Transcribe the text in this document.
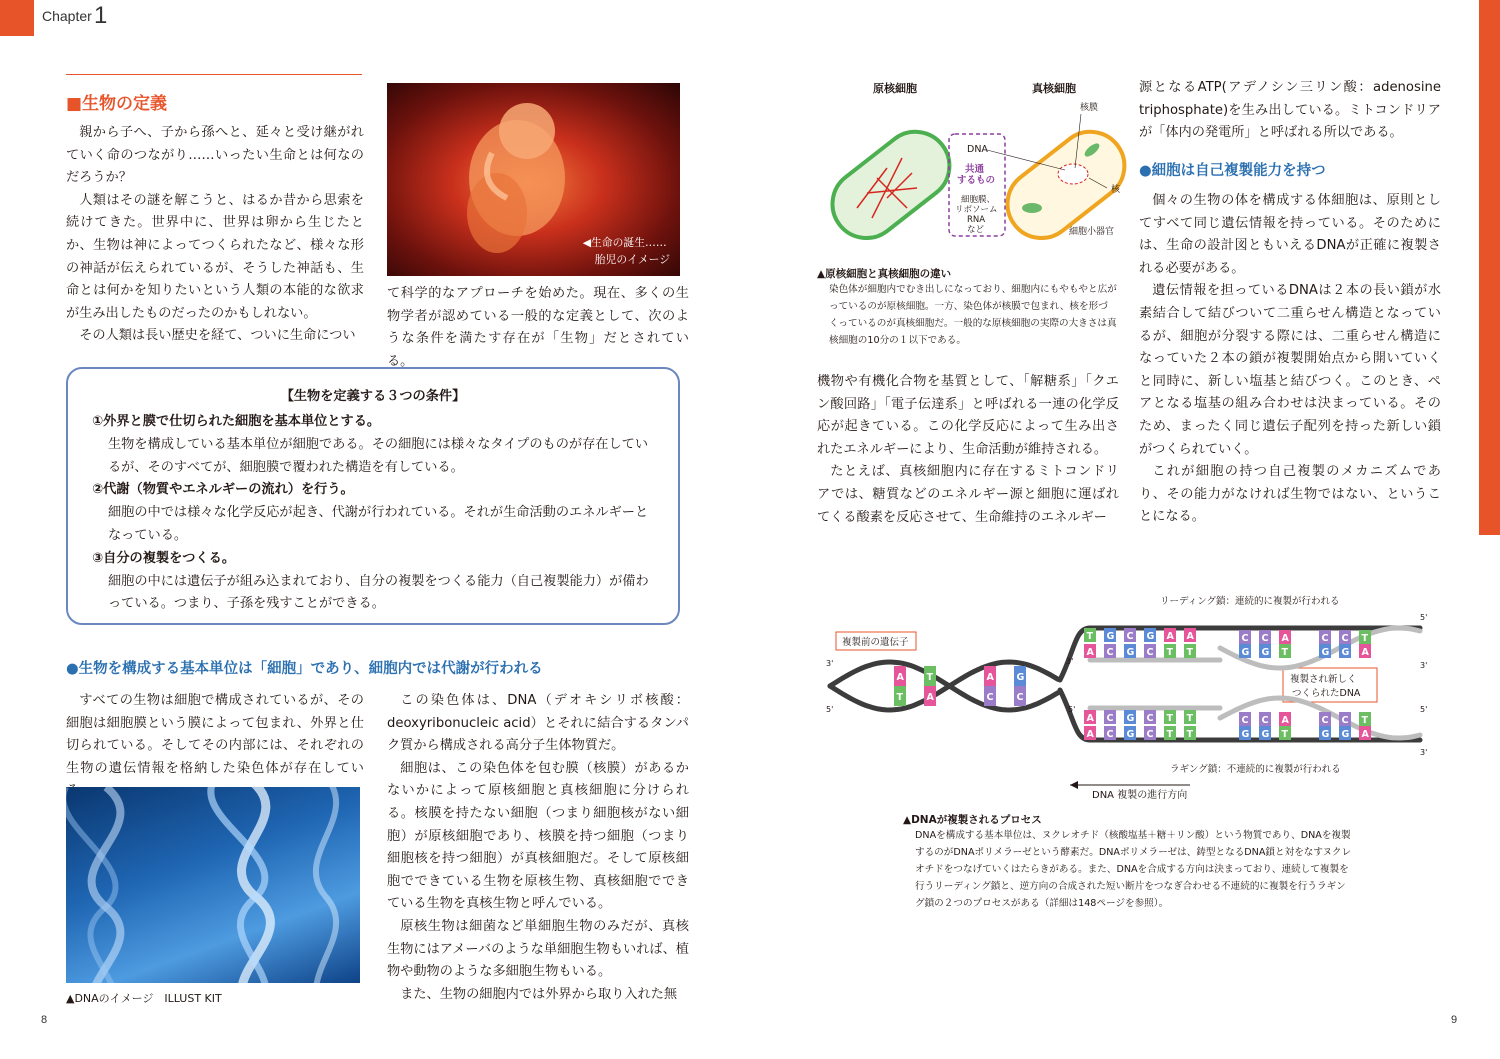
Chapter 1
■生物の定義

親から子へ、子から孫へと、延々と受け継がれていく命のつながり……いったい生命とは何なのだろうか？

人類はその謎を解こうと、はるか昔から思索を続けてきた。世界中に、世界は卵から生じたとか、生物は神によってつくられたなど、様々な形の神話が伝えられているが、そうした神話も、生命とは何かを知りたいという人類の本能的な欲求が生み出したものだったのかもしれない。

その人類は長い歴史を経て、ついに生命につい

◀生命の誕生……
胎児のイメージ

て科学的なアプローチを始めた。現在、多くの生物学者が認めている一般的な定義として、次のような条件を満たす存在が「生物」だとされている。

【生物を定義する３つの条件】
①外界と膜で仕切られた細胞を基本単位とする。
生物を構成している基本単位が細胞である。その細胞には様々なタイプのものが存在しているが、そのすべてが、細胞膜で覆われた構造を有している。
②代謝（物質やエネルギーの流れ）を行う。
細胞の中では様々な化学反応が起き、代謝が行われている。それが生命活動のエネルギーとなっている。
③自分の複製をつくる。
細胞の中には遺伝子が組み込まれており、自分の複製をつくる能力（自己複製能力）が備わっている。つまり、子孫を残すことができる。
●生物を構成する基本単位は「細胞」であり、細胞内では代謝が行われる

すべての生物は細胞で構成されているが、その細胞は細胞膜という膜によって包まれ、外界と仕切られている。そしてその内部には、それぞれの生物の遺伝情報を格納した染色体が存在してい

▲DNAのイメージ　ILLUST KIT

この染色体は、DNA（デオキシリボ核酸：deoxyribonucleic acid）とそれに結合するタンパク質から構成される高分子生体物質だ。

細胞は、この染色体を包む膜（核膜）があるかないかによって原核細胞と真核細胞に分けられる。核膜を持たない細胞（つまり細胞核がない細胞）が原核細胞であり、核膜を持つ細胞（つまり細胞核を持つ細胞）が真核細胞だ。そして原核細胞でできている生物を原核生物、真核細胞でできている生物を真核生物と呼んでいる。

原核生物は細菌など単細胞生物のみだが、真核生物にはアメーバのような単細胞生物もいれば、植物や動物のような多細胞生物もいる。

また、生物の細胞内では外界から取り入れた無

8	9
原核細胞	真核細胞
DNA
共通
するもの
細胞膜、
リボソーム
RNA
など
核膜
核
細胞小器官
▲原核細胞と真核細胞の違い
染色体が細胞内でむき出しになっており、細胞内にもやもやと広がっているのが原核細胞。一方、染色体が核膜で包まれ、核を形づくっているのが真核細胞だ。一般的な原核細胞の実際の大きさは真核細胞の10分の１以下である。

機物や有機化合物を基質として、「解糖系」「クエン酸回路」「電子伝達系」と呼ばれる一連の化学反応が起きている。この化学反応によって生み出されたエネルギーにより、生命活動が維持される。

たとえば、真核細胞内に存在するミトコンドリアでは、糖質などのエネルギー源と細胞に運ばれてくる酸素を反応させて、生命維持のエネルギー

源となるATP(アデノシン三リン酸：adenosine triphosphate)を生み出している。ミトコンドリアが「体内の発電所」と呼ばれる所以である。

●細胞は自己複製能力を持つ

個々の生物の体を構成する体細胞は、原則としてすべて同じ遺伝情報を持っている。そのためには、生命の設計図ともいえるDNAが正確に複製される必要がある。

遺伝情報を担っているDNAは２本の長い鎖が水素結合して結びついて二重らせん構造となっているが、細胞が分裂する際には、二重らせん構造になっていた２本の鎖が複製開始点から開いていくと同時に、新しい塩基と結びつく。このとき、ペアとなる塩基の組み合わせは決まっている。そのため、まったく同じ遺伝子配列を持った新しい鎖がつくられていく。

これが細胞の持つ自己複製のメカニズムであり、その能力がなければ生物ではない、ということになる。

リーディング鎖：連続的に複製が行われる
ラギング鎖：不連続的に複製が行われる
複製前の遺伝子
複製され新しく
つくられたDNA
DNA 複製の進行方向
A T	A G
T A	C C
T G C G A A
A C G C T T
A C G C T T
A C G C T T
C C A	C C T
G G T	G G A
C C A	C C T
G G T	G G A
5'
3'
3'
5'
3'
5'
5'
3'
▲DNAが複製されるプロセス
DNAを構成する基本単位は、ヌクレオチド（核酸塩基＋糖＋リン酸）という物質であり、DNAを複製するのがDNAポリメラーゼという酵素だ。DNAポリメラーゼは、鋳型となるDNA鎖と対をなすヌクレオチドをつなげていくはたらきがある。また、DNAを合成する方向は決まっており、連続して複製を行うリーディング鎖と、逆方向の合成された短い断片をつなぎ合わせる不連続的に複製を行うラギング鎖の２つのプロセスがある（詳細は148ページを参照）。
